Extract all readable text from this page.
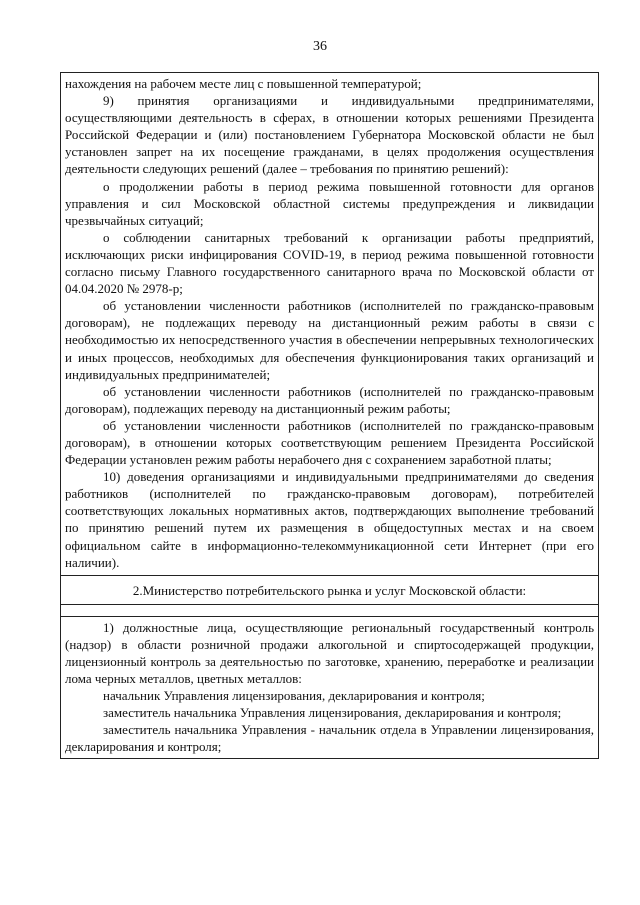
36

нахождения на рабочем месте лиц с повышенной температурой;

9) принятия организациями и индивидуальными предпринимателями, осуществляющими деятельность в сферах, в отношении которых решениями Президента Российской Федерации и (или) постановлением Губернатора Московской области не был установлен запрет на их посещение гражданами, в целях продолжения осуществления деятельности следующих решений (далее – требования по принятию решений):

о продолжении работы в период режима повышенной готовности для органов управления и сил Московской областной системы предупреждения и ликвидации чрезвычайных ситуаций;

о соблюдении санитарных требований к организации работы предприятий, исключающих риски инфицирования COVID-19, в период режима повышенной готовности согласно письму Главного государственного санитарного врача по Московской области от 04.04.2020 № 2978-р;

об установлении численности работников (исполнителей по гражданско-правовым договорам), не подлежащих переводу на дистанционный режим работы в связи с необходимостью их непосредственного участия в обеспечении непрерывных технологических и иных процессов, необходимых для обеспечения функционирования таких организаций и индивидуальных предпринимателей;

об установлении численности работников (исполнителей по гражданско-правовым договорам), подлежащих переводу на дистанционный режим работы;

об установлении численности работников (исполнителей по гражданско-правовым договорам), в отношении которых соответствующим решением Президента Российской Федерации установлен режим работы нерабочего дня с сохранением заработной платы;

10) доведения организациями и индивидуальными предпринимателями до сведения работников (исполнителей по гражданско-правовым договорам), потребителей соответствующих локальных нормативных актов, подтверждающих выполнение требований по принятию решений путем их размещения в общедоступных местах и на своем официальном сайте в информационно-телекоммуникационной сети Интернет (при его наличии).

2.Министерство потребительского рынка и услуг Московской области:

1) должностные лица, осуществляющие региональный государственный контроль (надзор) в области розничной продажи алкогольной и спиртосодержащей продукции, лицензионный контроль за деятельностью по заготовке, хранению, переработке и реализации лома черных металлов, цветных металлов:

начальник Управления лицензирования, декларирования и контроля;

заместитель начальника Управления лицензирования, декларирования и контроля;

заместитель начальника Управления - начальник отдела в Управлении лицензирования, декларирования и контроля;
